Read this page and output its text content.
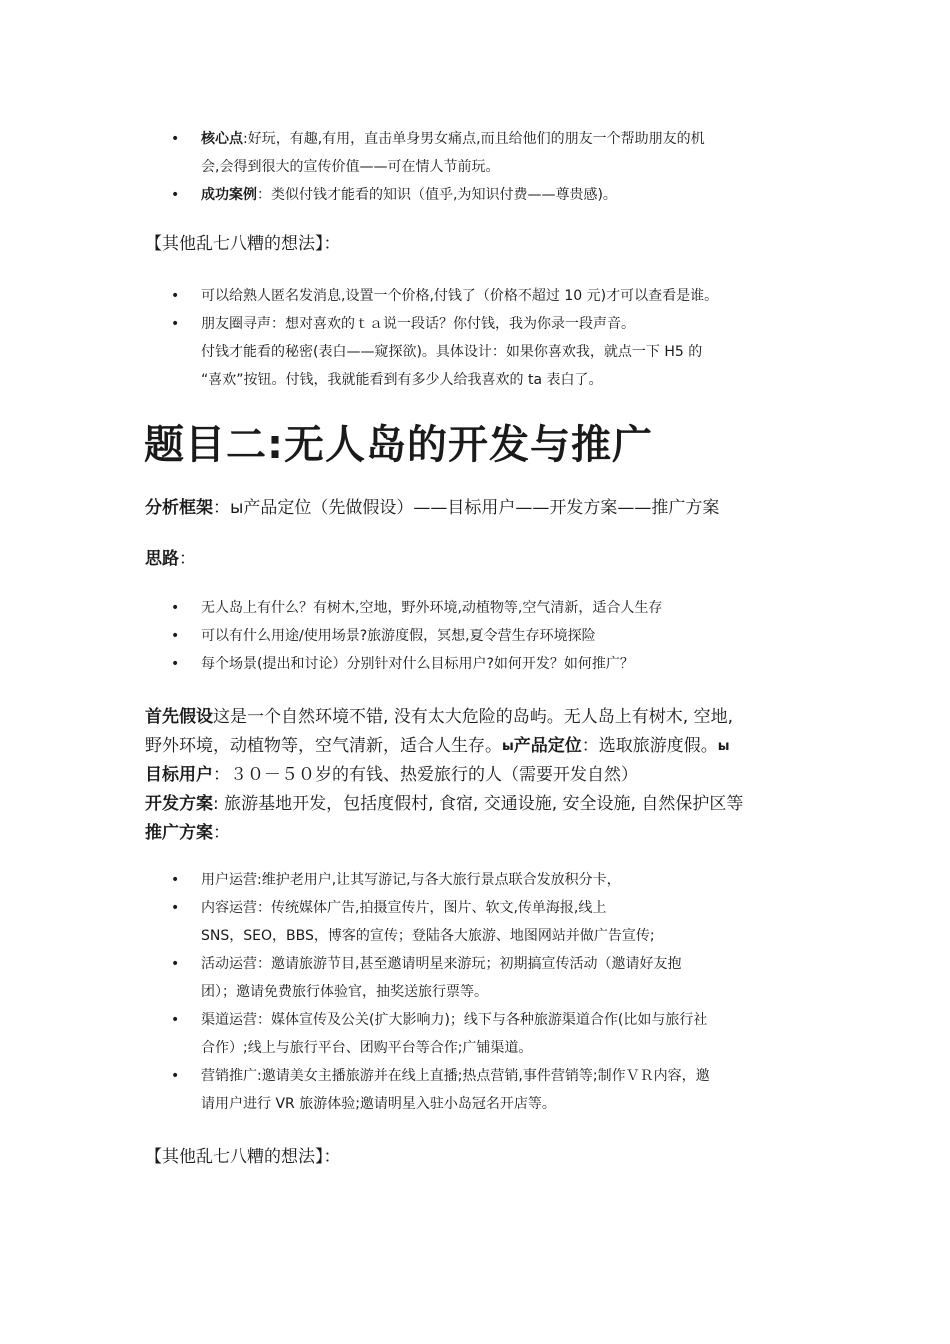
• 核心点:好玩，有趣,有用，直击单身男女痛点,而且给他们的朋友一个帮助朋友的机
会,会得到很大的宣传价值——可在情人节前玩。
• 成功案例：类似付钱才能看的知识（值乎,为知识付费——尊贵感)。
【其他乱七八糟的想法】：
• 可以给熟人匿名发消息,设置一个价格,付钱了（价格不超过 10 元)才可以查看是谁。
• 朋友圈寻声：想对喜欢的ｔａ说一段话？你付钱，我为你录一段声音。
付钱才能看的秘密(表白——窥探欲)。具体设计：如果你喜欢我，就点一下 H5 的
“喜欢”按钮。付钱，我就能看到有多少人给我喜欢的 ta 表白了。
题目二:无人岛的开发与推广
分析框架：ы产品定位（先做假设）——目标用户——开发方案——推广方案
思路：
• 无人岛上有什么？有树木,空地，野外环境,动植物等,空气清新，适合人生存
• 可以有什么用途/使用场景?旅游度假，冥想,夏令营生存环境探险
• 每个场景(提出和讨论）分别针对什么目标用户?如何开发？如何推广？
首先假设这是一个自然环境不错, 没有太大危险的岛屿。无人岛上有树木, 空地,
野外环境，动植物等，空气清新，适合人生存。ы产品定位：选取旅游度假。ы
目标用户：３０－５０岁的有钱、热爱旅行的人（需要开发自然）
开发方案: 旅游基地开发，包括度假村, 食宿, 交通设施, 安全设施, 自然保护区等
推广方案：
• 用户运营:维护老用户,让其写游记,与各大旅行景点联合发放积分卡，
• 内容运营：传统媒体广告,拍摄宣传片，图片、软文,传单海报,线上
SNS，SEO，BBS，博客的宣传；登陆各大旅游、地图网站并做广告宣传;
• 活动运营：邀请旅游节目,甚至邀请明星来游玩；初期搞宣传活动（邀请好友抱
团）；邀请免费旅行体验官，抽奖送旅行票等。
• 渠道运营：媒体宣传及公关(扩大影响力)；线下与各种旅游渠道合作(比如与旅行社
合作）;线上与旅行平台、团购平台等合作;广铺渠道。
• 营销推广:邀请美女主播旅游并在线上直播;热点营销,事件营销等;制作ＶＲ内容，邀
请用户进行 VR 旅游体验;邀请明星入驻小岛冠名开店等。
【其他乱七八糟的想法】：
